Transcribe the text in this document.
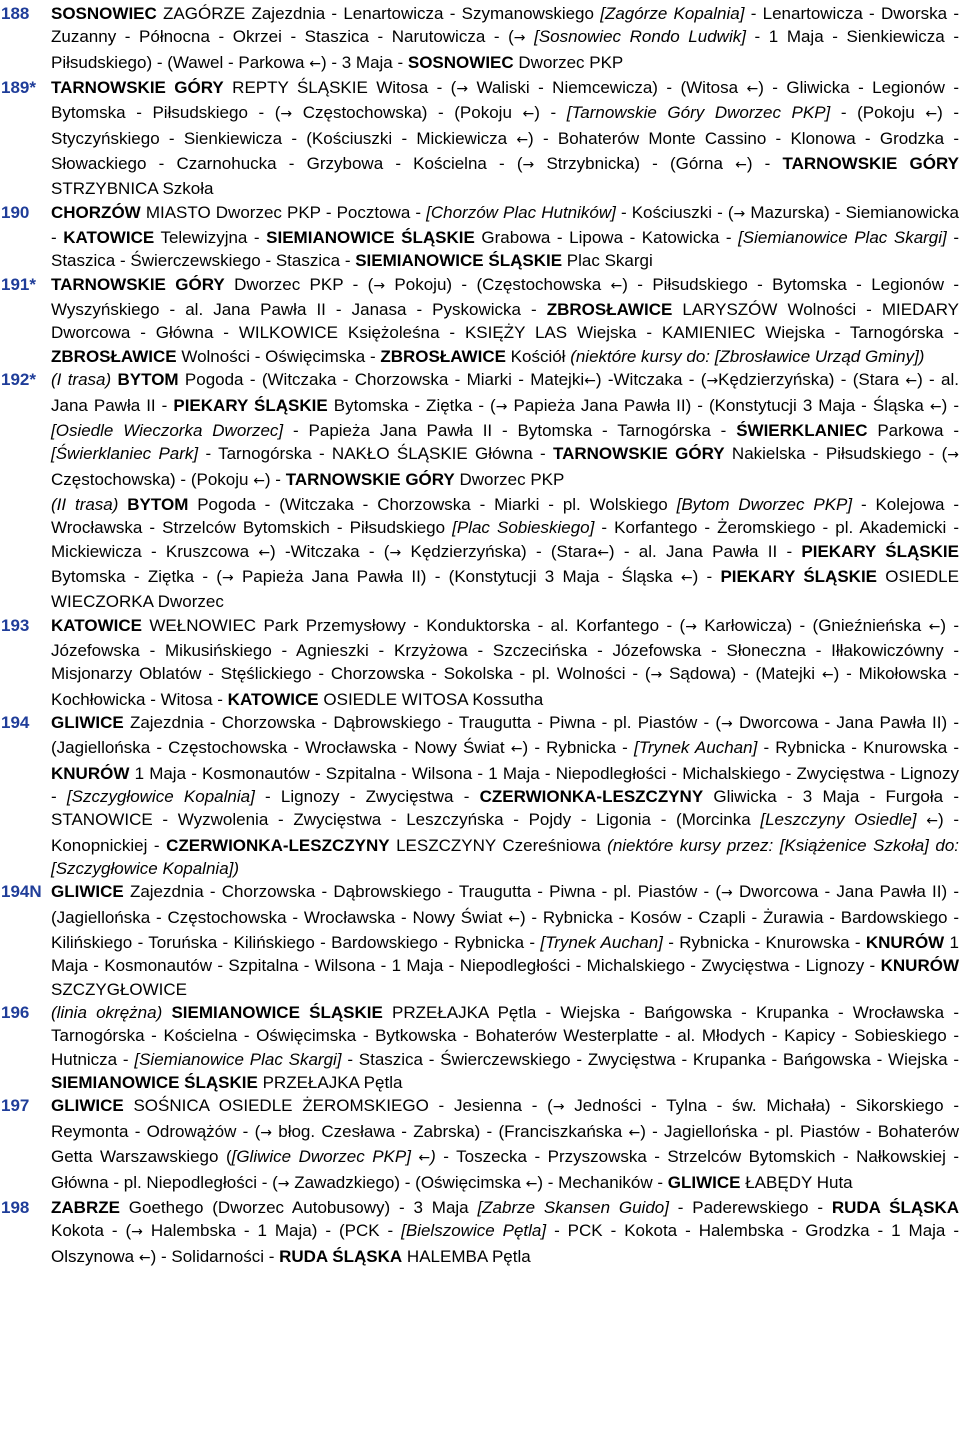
188	SOSNOWIEC ZAGÓRZE Zajezdnia - Lenartowicza - Szymanowskiego [Zagórze Kopalnia] - Lenartowicza - Dworska - Zuzanny - Północna - Okrzei - Staszica - Narutowicza - (→ [Sosnowiec Rondo Ludwik] - 1 Maja - Sienkiewicza - Piłsudskiego) - (Wawel - Parkowa ←) - 3 Maja - SOSNOWIEC Dworzec PKP
189* TARNOWSKIE GÓRY REPTY ŚLĄSKIE Witosa - (→ Waliski - Niemcewicza) - (Witosa ←) - Gliwicka - Legionów - Bytomska - Piłsudskiego - (→ Częstochowska) - (Pokoju ←) - [Tarnowskie Góry Dworzec PKP] - (Pokoju ←) - Styczyńskiego - Sienkiewicza - (Kościuszki - Mickiewicza ←) - Bohaterów Monte Cassino - Klonowa - Grodzka - Słowackiego - Czarnohucka - Grzybowa - Kościelna - (→ Strzybnicka) - (Górna ←) - TARNOWSKIE GÓRY STRZYBNICA Szkoła
190	CHORZÓW MIASTO Dworzec PKP - Pocztowa - [Chorzów Plac Hutników] - Kościuszki - (→ Mazurska) - Siemianowicka - KATOWICE Telewizyjna - SIEMIANOWICE ŚLĄSKIE Grabowa - Lipowa - Katowicka - [Siemianowice Plac Skargi] - Staszica - Świerczewskiego - Staszica - SIEMIANOWICE ŚLĄSKIE Plac Skargi
191* TARNOWSKIE GÓRY Dworzec PKP - (→ Pokoju) - (Częstochowska ←) - Piłsudskiego - Bytomska - Legionów - Wyszyńskiego - al. Jana Pawła II - Janasa - Pyskowicka - ZBROSŁAWICE LARYSZÓW Wolności - MIEDARY Dworcowa - Główna - WILKOWICE Księżoleśna - KSIĘŻY LAS Wiejska - KAMIENIEC Wiejska - Tarnogórska - ZBROSŁAWICE Wolności - Oświęcimska - ZBROSŁAWICE Kościół (niektóre kursy do: [Zbrosławice Urząd Gminy])
192* (I trasa) BYTOM Pogoda - (Witczaka - Chorzowska - Miarki - Matejki←) -Witczaka - (→Kędzierzyńska) - (Stara ←) - al. Jana Pawła II - PIEKARY ŚLĄSKIE Bytomska - Ziętka - (→ Papieża Jana Pawła II) - (Konstytucji 3 Maja - Śląska ←) - [Osiedle Wieczorka Dworzec] - Papieża Jana Pawła II - Bytomska - Tarnogórska - ŚWIERKLANIEC Parkowa - [Świerklaniec Park] - Tarnogórska - NAKŁO ŚLĄSKIE Główna - TARNOWSKIE GÓRY Nakielska - Piłsudskiego - (→ Częstochowska) - (Pokoju ←) - TARNOWSKIE GÓRY Dworzec PKP
(II trasa) BYTOM Pogoda - (Witczaka - Chorzowska - Miarki - pl. Wolskiego [Bytom Dworzec PKP] - Kolejowa - Wrocławska - Strzelców Bytomskich - Piłsudskiego [Plac Sobieskiego] - Korfantego - Żeromskiego - pl. Akademicki - Mickiewicza - Kruszcowa ←) -Witczaka - (→ Kędzierzyńska) - (Stara←) - al. Jana Pawła II - PIEKARY ŚLĄSKIE Bytomska - Ziętka - (→ Papieża Jana Pawła II) - (Konstytucji 3 Maja - Śląska ←) - PIEKARY ŚLĄSKIE OSIEDLE WIECZORKA Dworzec
193	KATOWICE WEŁNOWIEC Park Przemysłowy - Konduktorska - al. Korfantego - (→ Karłowicza) - (Gnieźnieńska ←) - Józefowska - Mikusińskiego - Agnieszki - Krzyżowa - Szczecińska - Józefowska - Słoneczna - Iłłakowiczówny - Misjonarzy Oblatów - Stęślickiego - Chorzowska - Sokolska - pl. Wolności - (→ Sądowa) - (Matejki ←) - Mikołowska - Kochłowicka - Witosa - KATOWICE OSIEDLE WITOSA Kossutha
194	GLIWICE Zajezdnia - Chorzowska - Dąbrowskiego - Traugutta - Piwna - pl. Piastów - (→ Dworcowa - Jana Pawła II) - (Jagiellońska - Częstochowska - Wrocławska - Nowy Świat ←) - Rybnicka - [Trynek Auchan] - Rybnicka - Knurowska - KNURÓW 1 Maja - Kosmonautów - Szpitalna - Wilsona - 1 Maja - Niepodległości - Michalskiego - Zwycięstwa - Lignozy - [Szczygłowice Kopalnia] - Lignozy - Zwycięstwa - CZERWIONKA-LESZCZYNY Gliwicka - 3 Maja - Furgoła - STANOWICE - Wyzwolenia - Zwycięstwa - Leszczyńska - Pojdy - Ligonia - (Morcinka [Leszczyny Osiedle] ←) - Konopnickiej - CZERWIONKA-LESZCZYNY LESZCZYNY Czereśniowa (niektóre kursy przez: [Książenice Szkoła] do: [Szczygłowice Kopalnia])
194N GLIWICE Zajezdnia - Chorzowska - Dąbrowskiego - Traugutta - Piwna - pl. Piastów - (→ Dworcowa - Jana Pawła II) - (Jagiellońska - Częstochowska - Wrocławska - Nowy Świat ←) - Rybnicka - Kosów - Czapli - Żurawia - Bardowskiego - Kilińskiego - Toruńska - Kilińskiego - Bardowskiego - Rybnicka - [Trynek Auchan] - Rybnicka - Knurowska - KNURÓW 1 Maja - Kosmonautów - Szpitalna - Wilsona - 1 Maja - Niepodległości - Michalskiego - Zwycięstwa - Lignozy - KNURÓW SZCZYGŁOWICE
196	(linia okrężna) SIEMIANOWICE ŚLĄSKIE PRZEŁAJKA Pętla - Wiejska - Bańgowska - Krupanka - Wrocławska - Tarnogórska - Kościelna - Oświęcimska - Bytkowska - Bohaterów Westerplatte - al. Młodych - Kapicy - Sobieskiego - Hutnicza - [Siemianowice Plac Skargi] - Staszica - Świerczewskiego - Zwycięstwa - Krupanka - Bańgowska - Wiejska - SIEMIANOWICE ŚLĄSKIE PRZEŁAJKA Pętla
197	GLIWICE SOŚNICA OSIEDLE ŻEROMSKIEGO - Jesienna - (→ Jedności - Tylna - św. Michała) - Sikorskiego - Reymonta - Odrowążów - (→ błog. Czesława - Zabrska) - (Franciszkańska ←) - Jagiellońska - pl. Piastów - Bohaterów Getta Warszawskiego ([Gliwice Dworzec PKP] ←) - Toszecka - Przyszowska - Strzelców Bytomskich - Nałkowskiej - Główna - pl. Niepodległości - (→ Zawadzkiego) - (Oświęcimska ←) - Mechaników - GLIWICE ŁABĘDY Huta
198	ZABRZE Goethego (Dworzec Autobusowy) - 3 Maja [Zabrze Skansen Guido] - Paderewskiego - RUDA ŚLĄSKA Kokota - (→ Halembska - 1 Maja) - (PCK - [Bielszowice Pętla] - PCK - Kokota - Halembska - Grodzka - 1 Maja - Olszynowa ←) - Solidarności - RUDA ŚLĄSKA HALEMBA Pętla
